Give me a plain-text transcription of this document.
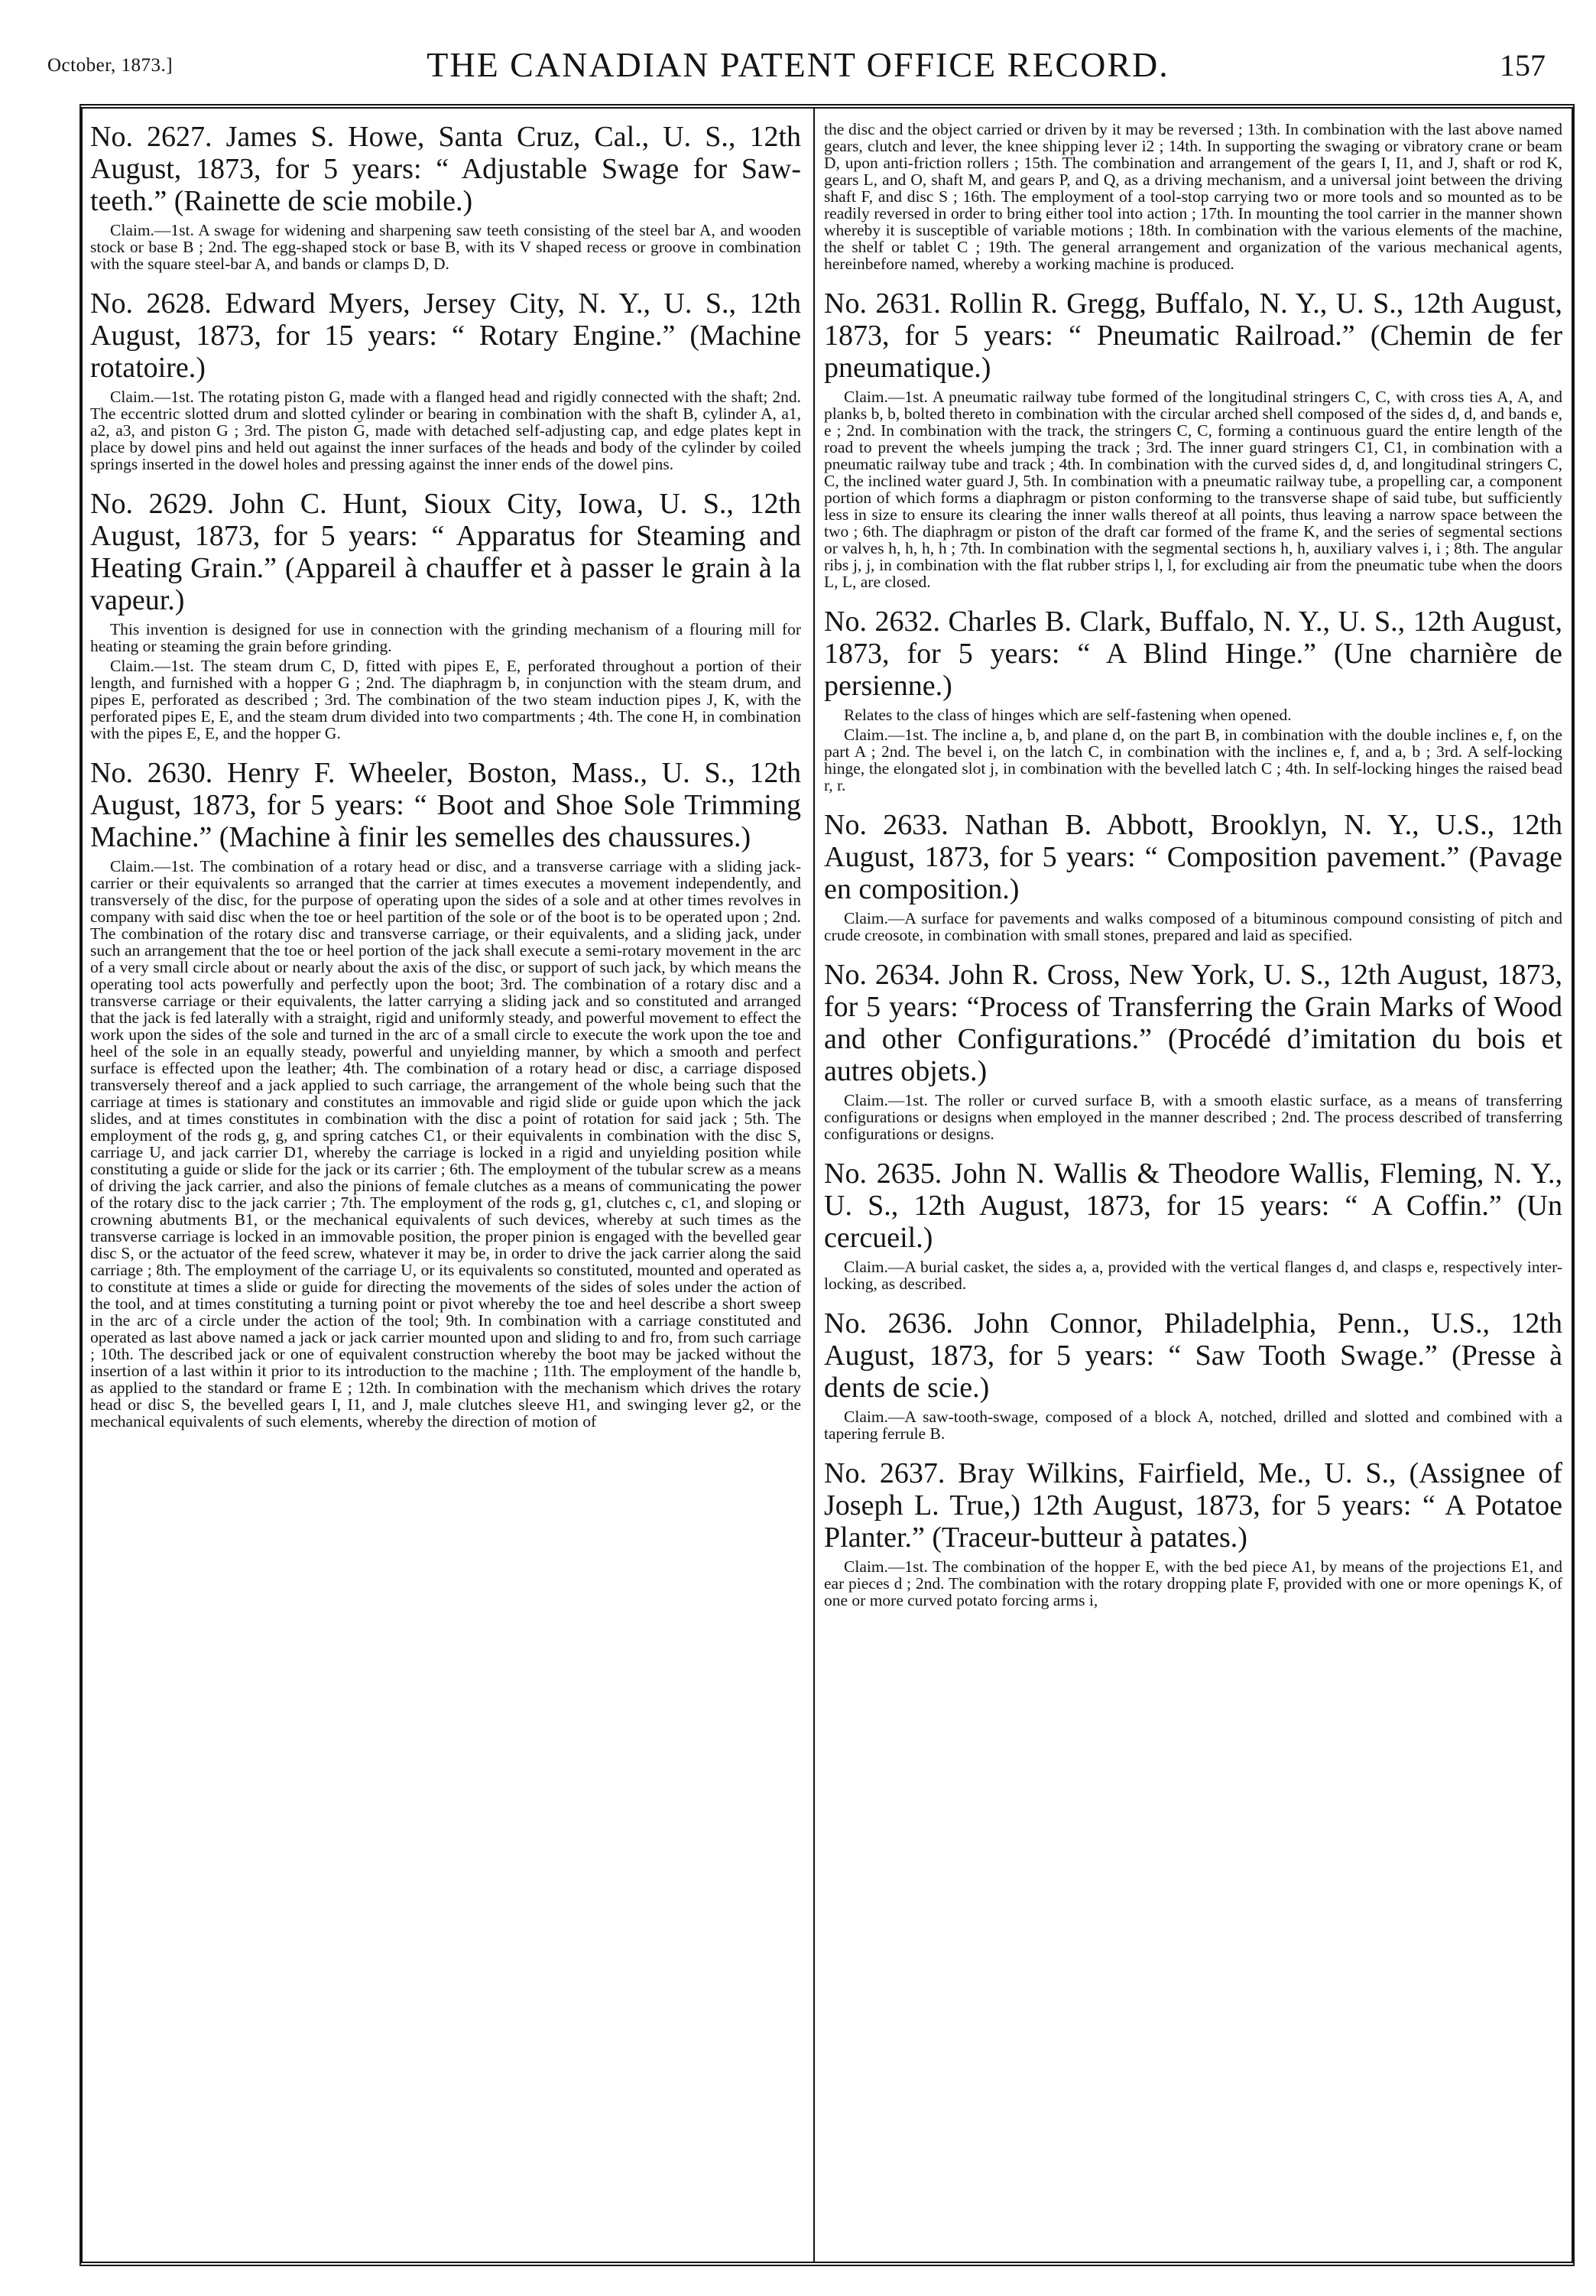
October, 1873.]	THE CANADIAN PATENT OFFICE RECORD.	157
No. 2627. James S. Howe, Santa Cruz, Cal., U. S., 12th August, 1873, for 5 years: “ Adjustable Swage for Saw-teeth.” (Rainette de scie mobile.)
Claim.—1st. A swage for widening and sharpening saw teeth consisting of the steel bar A, and wooden stock or base B ; 2nd. The egg-shaped stock or base B, with its V shaped recess or groove in combination with the square steel-bar A, and bands or clamps D, D.
No. 2628. Edward Myers, Jersey City, N. Y., U. S., 12th August, 1873, for 15 years: “ Rotary Engine.” (Machine rotatoire.)
Claim.—1st. The rotating piston G, made with a flanged head and rigidly connected with the shaft; 2nd. The eccentric slotted drum and slotted cylinder or bearing in combination with the shaft B, cylinder A, a1, a2, a3, and piston G ; 3rd. The piston G, made with detached self-adjusting cap, and edge plates kept in place by dowel pins and held out against the inner surfaces of the heads and body of the cylinder by coiled springs inserted in the dowel holes and pressing against the inner ends of the dowel pins.
No. 2629. John C. Hunt, Sioux City, Iowa, U. S., 12th August, 1873, for 5 years: “ Apparatus for Steaming and Heating Grain.” (Appareil à chauffer et à passer le grain à la vapeur.)
This invention is designed for use in connection with the grinding mechanism of a flouring mill for heating or steaming the grain before grinding.
Claim.—1st. The steam drum C, D, fitted with pipes E, E, perforated throughout a portion of their length, and furnished with a hopper G ; 2nd. The diaphragm b, in conjunction with the steam drum, and pipes E, perforated as described ; 3rd. The combination of the two steam induction pipes J, K, with the perforated pipes E, E, and the steam drum divided into two compartments ; 4th. The cone H, in combination with the pipes E, E, and the hopper G.
No. 2630. Henry F. Wheeler, Boston, Mass., U. S., 12th August, 1873, for 5 years: “ Boot and Shoe Sole Trimming Machine.” (Machine à finir les semelles des chaussures.)
Claim.—1st. The combination of a rotary head or disc, and a transverse carriage with a sliding jack-carrier or their equivalents so arranged that the carrier at times executes a movement independently, and transversely of the disc, for the purpose of operating upon the sides of a sole and at other times revolves in company with said disc when the toe or heel partition of the sole or of the boot is to be operated upon ; 2nd. The combination of the rotary disc and transverse carriage, or their equivalents, and a sliding jack, under such an arrangement that the toe or heel portion of the jack shall execute a semi-rotary movement in the arc of a very small circle about or nearly about the axis of the disc, or support of such jack, by which means the operating tool acts powerfully and perfectly upon the boot; 3rd. The combination of a rotary disc and a transverse carriage or their equivalents, the latter carrying a sliding jack and so constituted and arranged that the jack is fed laterally with a straight, rigid and uniformly steady, and powerful movement to effect the work upon the sides of the sole and turned in the arc of a small circle to execute the work upon the toe and heel of the sole in an equally steady, powerful and unyielding manner, by which a smooth and perfect surface is effected upon the leather; 4th. The combination of a rotary head or disc, a carriage disposed transversely thereof and a jack applied to such carriage, the arrangement of the whole being such that the carriage at times is stationary and constitutes an immovable and rigid slide or guide upon which the jack slides, and at times constitutes in combination with the disc a point of rotation for said jack ; 5th. The employment of the rods g, g, and spring catches C1, or their equivalents in combination with the disc S, carriage U, and jack carrier D1, whereby the carriage is locked in a rigid and unyielding position while constituting a guide or slide for the jack or its carrier ; 6th. The employment of the tubular screw as a means of driving the jack carrier, and also the pinions of female clutches as a means of communicating the power of the rotary disc to the jack carrier ; 7th. The employment of the rods g, g1, clutches c, c1, and sloping or crowning abutments B1, or the mechanical equivalents of such devices, whereby at such times as the transverse carriage is locked in an immovable position, the proper pinion is engaged with the bevelled gear disc S, or the actuator of the feed screw, whatever it may be, in order to drive the jack carrier along the said carriage ; 8th. The employment of the carriage U, or its equivalents so constituted, mounted and operated as to constitute at times a slide or guide for directing the movements of the sides of soles under the action of the tool, and at times constituting a turning point or pivot whereby the toe and heel describe a short sweep in the arc of a circle under the action of the tool; 9th. In combination with a carriage constituted and operated as last above named a jack or jack carrier mounted upon and sliding to and fro, from such carriage ; 10th. The described jack or one of equivalent construction whereby the boot may be jacked without the insertion of a last within it prior to its introduction to the machine ; 11th. The employment of the handle b, as applied to the standard or frame E ; 12th. In combination with the mechanism which drives the rotary head or disc S, the bevelled gears I, I1, and J, male clutches sleeve H1, and swinging lever g2, or the mechanical equivalents of such elements, whereby the direction of motion of
the disc and the object carried or driven by it may be reversed ; 13th. In combination with the last above named gears, clutch and lever, the knee shipping lever i2 ; 14th. In supporting the swaging or vibratory crane or beam D, upon anti-friction rollers ; 15th. The combination and arrangement of the gears I, I1, and J, shaft or rod K, gears L, and O, shaft M, and gears P, and Q, as a driving mechanism, and a universal joint between the driving shaft F, and disc S ; 16th. The employment of a tool-stop carrying two or more tools and so mounted as to be readily reversed in order to bring either tool into action ; 17th. In mounting the tool carrier in the manner shown whereby it is susceptible of variable motions ; 18th. In combination with the various elements of the machine, the shelf or tablet C ; 19th. The general arrangement and organization of the various mechanical agents, hereinbefore named, whereby a working machine is produced.
No. 2631. Rollin R. Gregg, Buffalo, N. Y., U. S., 12th August, 1873, for 5 years: “ Pneumatic Railroad.” (Chemin de fer pneumatique.)
Claim.—1st. A pneumatic railway tube formed of the longitudinal stringers C, C, with cross ties A, A, and planks b, b, bolted thereto in combination with the circular arched shell composed of the sides d, d, and bands e, e ; 2nd. In combination with the track, the stringers C, C, forming a continuous guard the entire length of the road to prevent the wheels jumping the track ; 3rd. The inner guard stringers C1, C1, in combination with a pneumatic railway tube and track ; 4th. In combination with the curved sides d, d, and longitudinal stringers C, C, the inclined water guard J, 5th. In combination with a pneumatic railway tube, a propelling car, a component portion of which forms a diaphragm or piston conforming to the transverse shape of said tube, but sufficiently less in size to ensure its clearing the inner walls thereof at all points, thus leaving a narrow space between the two ; 6th. The diaphragm or piston of the draft car formed of the frame K, and the series of segmental sections or valves h, h, h, h ; 7th. In combination with the segmental sections h, h, auxiliary valves i, i ; 8th. The angular ribs j, j, in combination with the flat rubber strips l, l, for excluding air from the pneumatic tube when the doors L, L, are closed.
No. 2632. Charles B. Clark, Buffalo, N. Y., U. S., 12th August, 1873, for 5 years: “ A Blind Hinge.” (Une charnière de persienne.)
Relates to the class of hinges which are self-fastening when opened.
Claim.—1st. The incline a, b, and plane d, on the part B, in combination with the double inclines e, f, on the part A ; 2nd. The bevel i, on the latch C, in combination with the inclines e, f, and a, b ; 3rd. A self-locking hinge, the elongated slot j, in combination with the bevelled latch C ; 4th. In self-locking hinges the raised bead r, r.
No. 2633. Nathan B. Abbott, Brooklyn, N. Y., U.S., 12th August, 1873, for 5 years: “ Composition pavement.” (Pavage en composition.)
Claim.—A surface for pavements and walks composed of a bituminous compound consisting of pitch and crude creosote, in combination with small stones, prepared and laid as specified.
No. 2634. John R. Cross, New York, U. S., 12th August, 1873, for 5 years: “Process of Transferring the Grain Marks of Wood and other Configurations.” (Procédé d’imitation du bois et autres objets.)
Claim.—1st. The roller or curved surface B, with a smooth elastic surface, as a means of transferring configurations or designs when employed in the manner described ; 2nd. The process described of transferring configurations or designs.
No. 2635. John N. Wallis & Theodore Wallis, Fleming, N. Y., U. S., 12th August, 1873, for 15 years: “ A Coffin.” (Un cercueil.)
Claim.—A burial casket, the sides a, a, provided with the vertical flanges d, and clasps e, respectively inter-locking, as described.
No. 2636. John Connor, Philadelphia, Penn., U.S., 12th August, 1873, for 5 years: “ Saw Tooth Swage.” (Presse à dents de scie.)
Claim.—A saw-tooth-swage, composed of a block A, notched, drilled and slotted and combined with a tapering ferrule B.
No. 2637. Bray Wilkins, Fairfield, Me., U. S., (Assignee of Joseph L. True,) 12th August, 1873, for 5 years: “ A Potatoe Planter.” (Traceur-butteur à patates.)
Claim.—1st. The combination of the hopper E, with the bed piece A1, by means of the projections E1, and ear pieces d ; 2nd. The combination with the rotary dropping plate F, provided with one or more openings K, of one or more curved potato forcing arms i,
